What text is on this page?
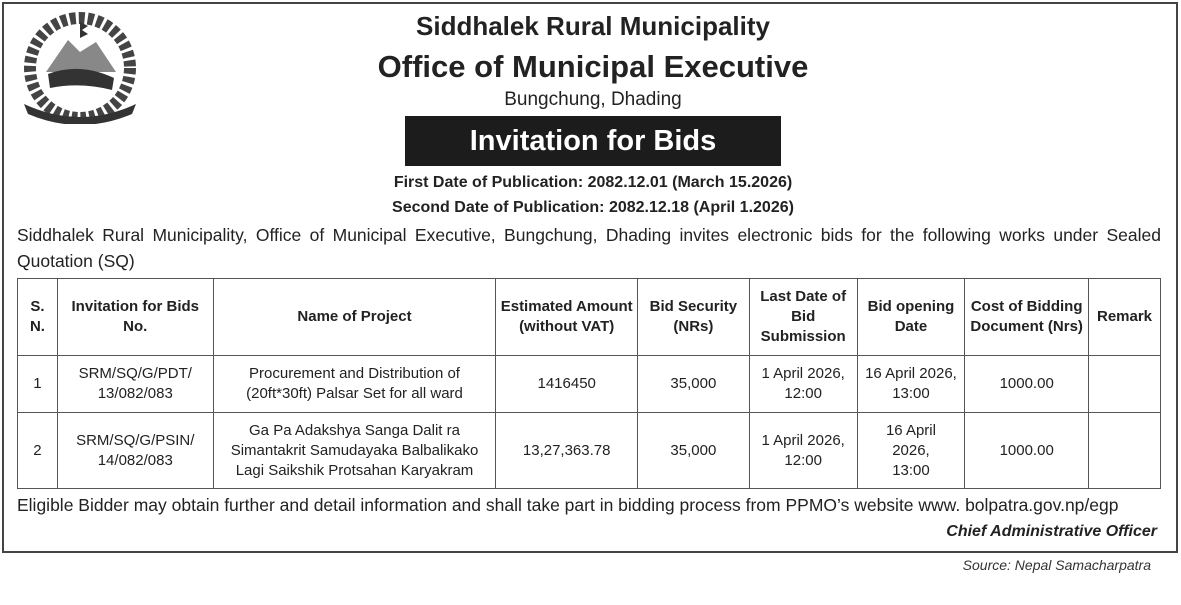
Siddhalek Rural Municipality
Office of Municipal Executive
Bungchung, Dhading
Invitation for Bids
First Date of Publication: 2082.12.01 (March 15.2026)
Second Date of Publication: 2082.12.18 (April 1.2026)
Siddhalek Rural Municipality, Office of Municipal Executive, Bungchung, Dhading invites electronic bids for the following works under Sealed Quotation (SQ)
S. N.	Invitation for Bids No.	Name of Project	Estimated Amount (without VAT)	Bid Security (NRs)	Last Date of Bid Submission	Bid opening Date	Cost of Bidding Document (Nrs)	Remark
1	SRM/SQ/G/PDT/ 13/082/083	Procurement and Distribution of (20ft*30ft) Palsar Set for all ward	1416450	35,000	1 April 2026, 12:00	16 April 2026, 13:00	1000.00	
2	SRM/SQ/G/PSIN/ 14/082/083	Ga Pa Adakshya Sanga Dalit ra Simantakrit Samudayaka Balbalikako Lagi Saikshik Protsahan Karyakram	13,27,363.78	35,000	1 April 2026, 12:00	16 April 2026, 13:00	1000.00	
Eligible Bidder may obtain further and detail information and shall take part in bidding process from PPMO’s website www. bolpatra.gov.np/egp
Chief Administrative Officer
Source: Nepal Samacharpatra
